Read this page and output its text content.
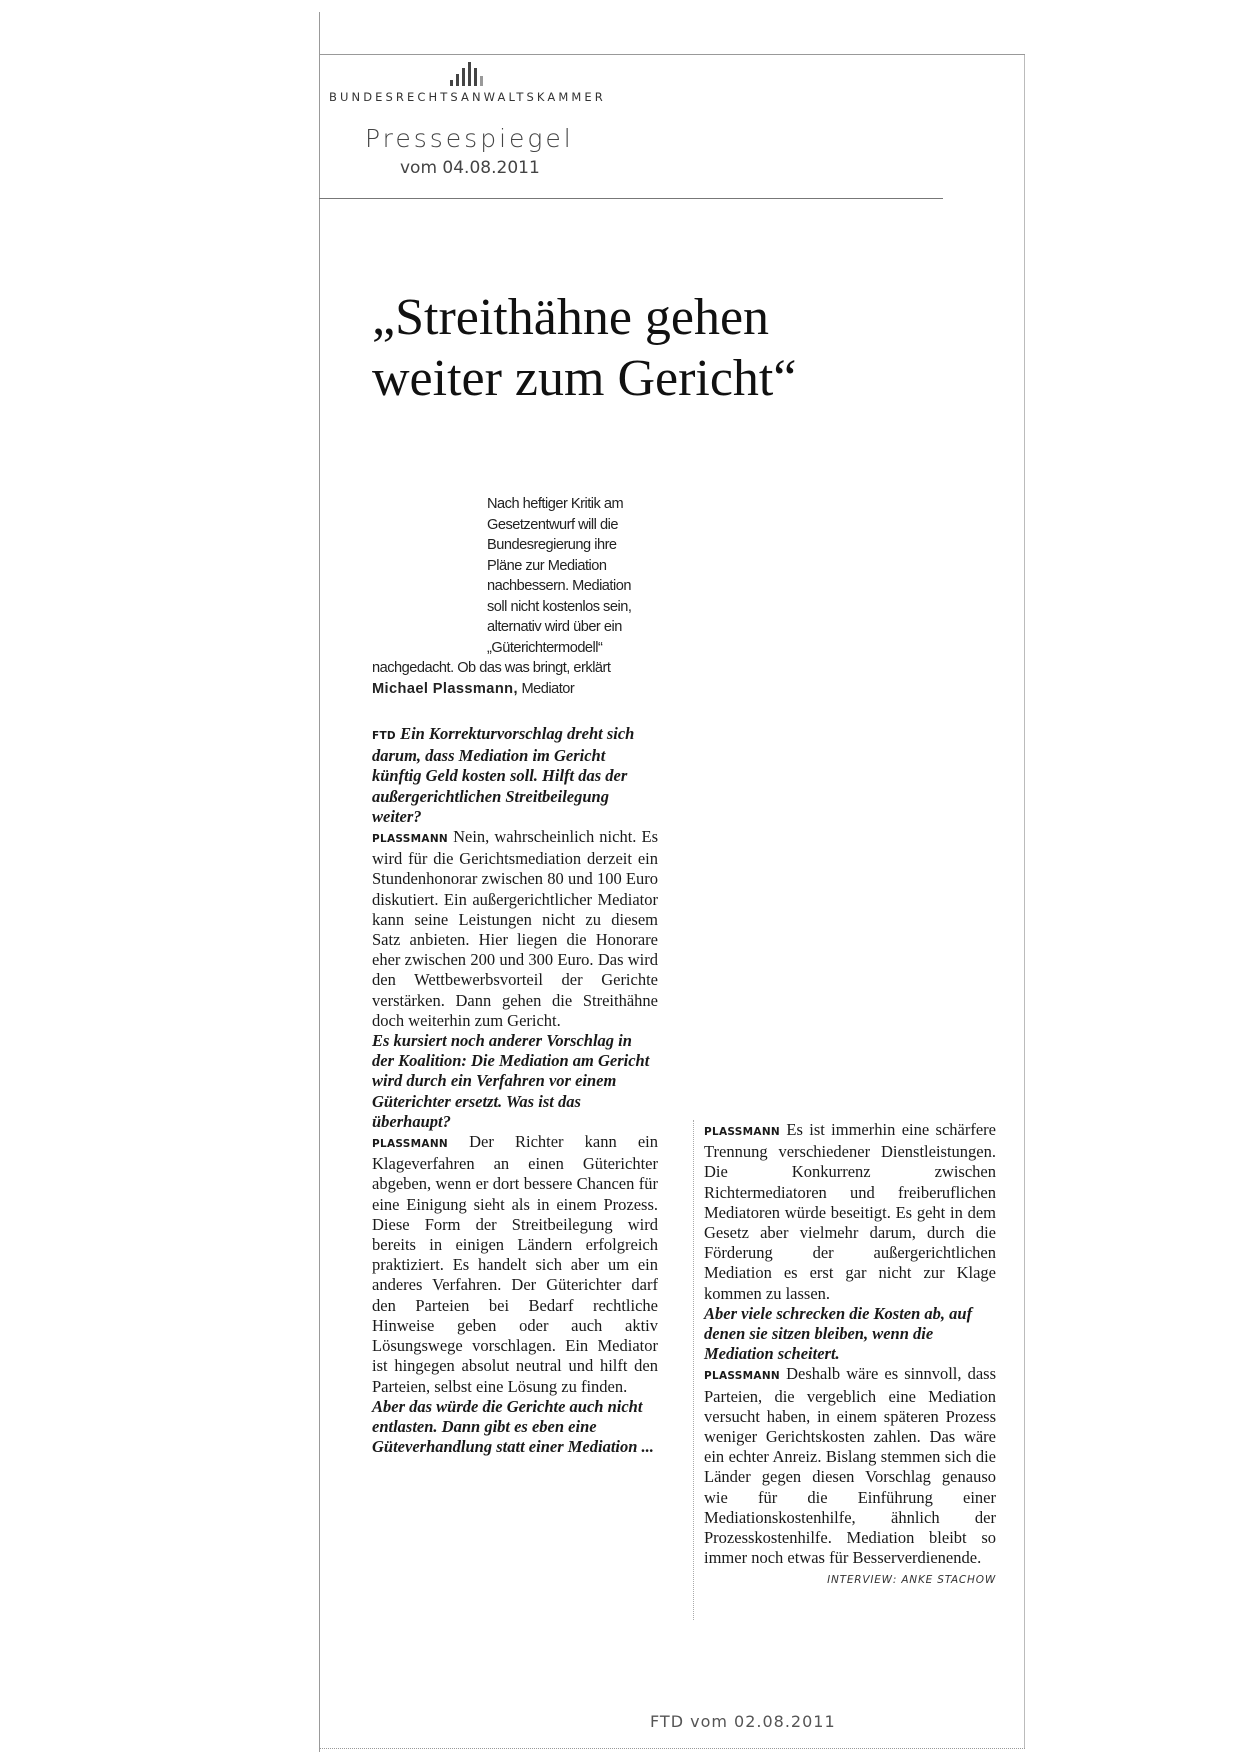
BUNDESRECHTSANWALTSKAMMER
Pressespiegel
vom 04.08.2011
„Streithähne gehen weiter zum Gericht“
Nach heftiger Kritik am
Gesetzentwurf will die
Bundesregierung ihre
Pläne zur Mediation
nachbessern. Mediation
soll nicht kostenlos sein,
alternativ wird über ein
„Güterichtermodell“
nachgedacht. Ob das was bringt, erklärt
Michael Plassmann, Mediator

FTD Ein Korrekturvorschlag dreht sich darum, dass Mediation im Gericht künftig Geld kosten soll. Hilft das der außergerichtlichen Streitbeilegung weiter?

PLASSMANN Nein, wahrscheinlich nicht. Es wird für die Gerichtsmediation derzeit ein Stundenhonorar zwischen 80 und 100 Euro diskutiert. Ein außergerichtlicher Mediator kann seine Leistungen nicht zu diesem Satz anbieten. Hier liegen die Honorare eher zwischen 200 und 300 Euro. Das wird den Wettbewerbsvorteil der Gerichte verstärken. Dann gehen die Streithähne doch weiterhin zum Gericht.

Es kursiert noch anderer Vorschlag in der Koalition: Die Mediation am Gericht wird durch ein Verfahren vor einem Güterichter ersetzt. Was ist das überhaupt?

PLASSMANN Der Richter kann ein Klageverfahren an einen Güterichter abgeben, wenn er dort bessere Chancen für eine Einigung sieht als in einem Prozess. Diese Form der Streitbeilegung wird bereits in einigen Ländern erfolgreich praktiziert. Es handelt sich aber um ein anderes Verfahren. Der Güterichter darf den Parteien bei Bedarf rechtliche Hinweise geben oder auch aktiv Lösungswege vorschlagen. Ein Mediator ist hingegen absolut neutral und hilft den Parteien, selbst eine Lösung zu finden.

Aber das würde die Gerichte auch nicht entlasten. Dann gibt es eben eine Güteverhandlung statt einer Mediation ...

PLASSMANN Es ist immerhin eine schärfere Trennung verschiedener Dienstleistungen. Die Konkurrenz zwischen Richtermediatoren und freiberuflichen Mediatoren würde beseitigt. Es geht in dem Gesetz aber vielmehr darum, durch die Förderung der außergerichtlichen Mediation es erst gar nicht zur Klage kommen zu lassen.

Aber viele schrecken die Kosten ab, auf denen sie sitzen bleiben, wenn die Mediation scheitert.

PLASSMANN Deshalb wäre es sinnvoll, dass Parteien, die vergeblich eine Mediation versucht haben, in einem späteren Prozess weniger Gerichtskosten zahlen. Das wäre ein echter Anreiz. Bislang stemmen sich die Länder gegen diesen Vorschlag genauso wie für die Einführung einer Mediationskostenhilfe, ähnlich der Prozesskostenhilfe. Mediation bleibt so immer noch etwas für Besserverdienende.

INTERVIEW: ANKE STACHOW
FTD vom 02.08.2011
